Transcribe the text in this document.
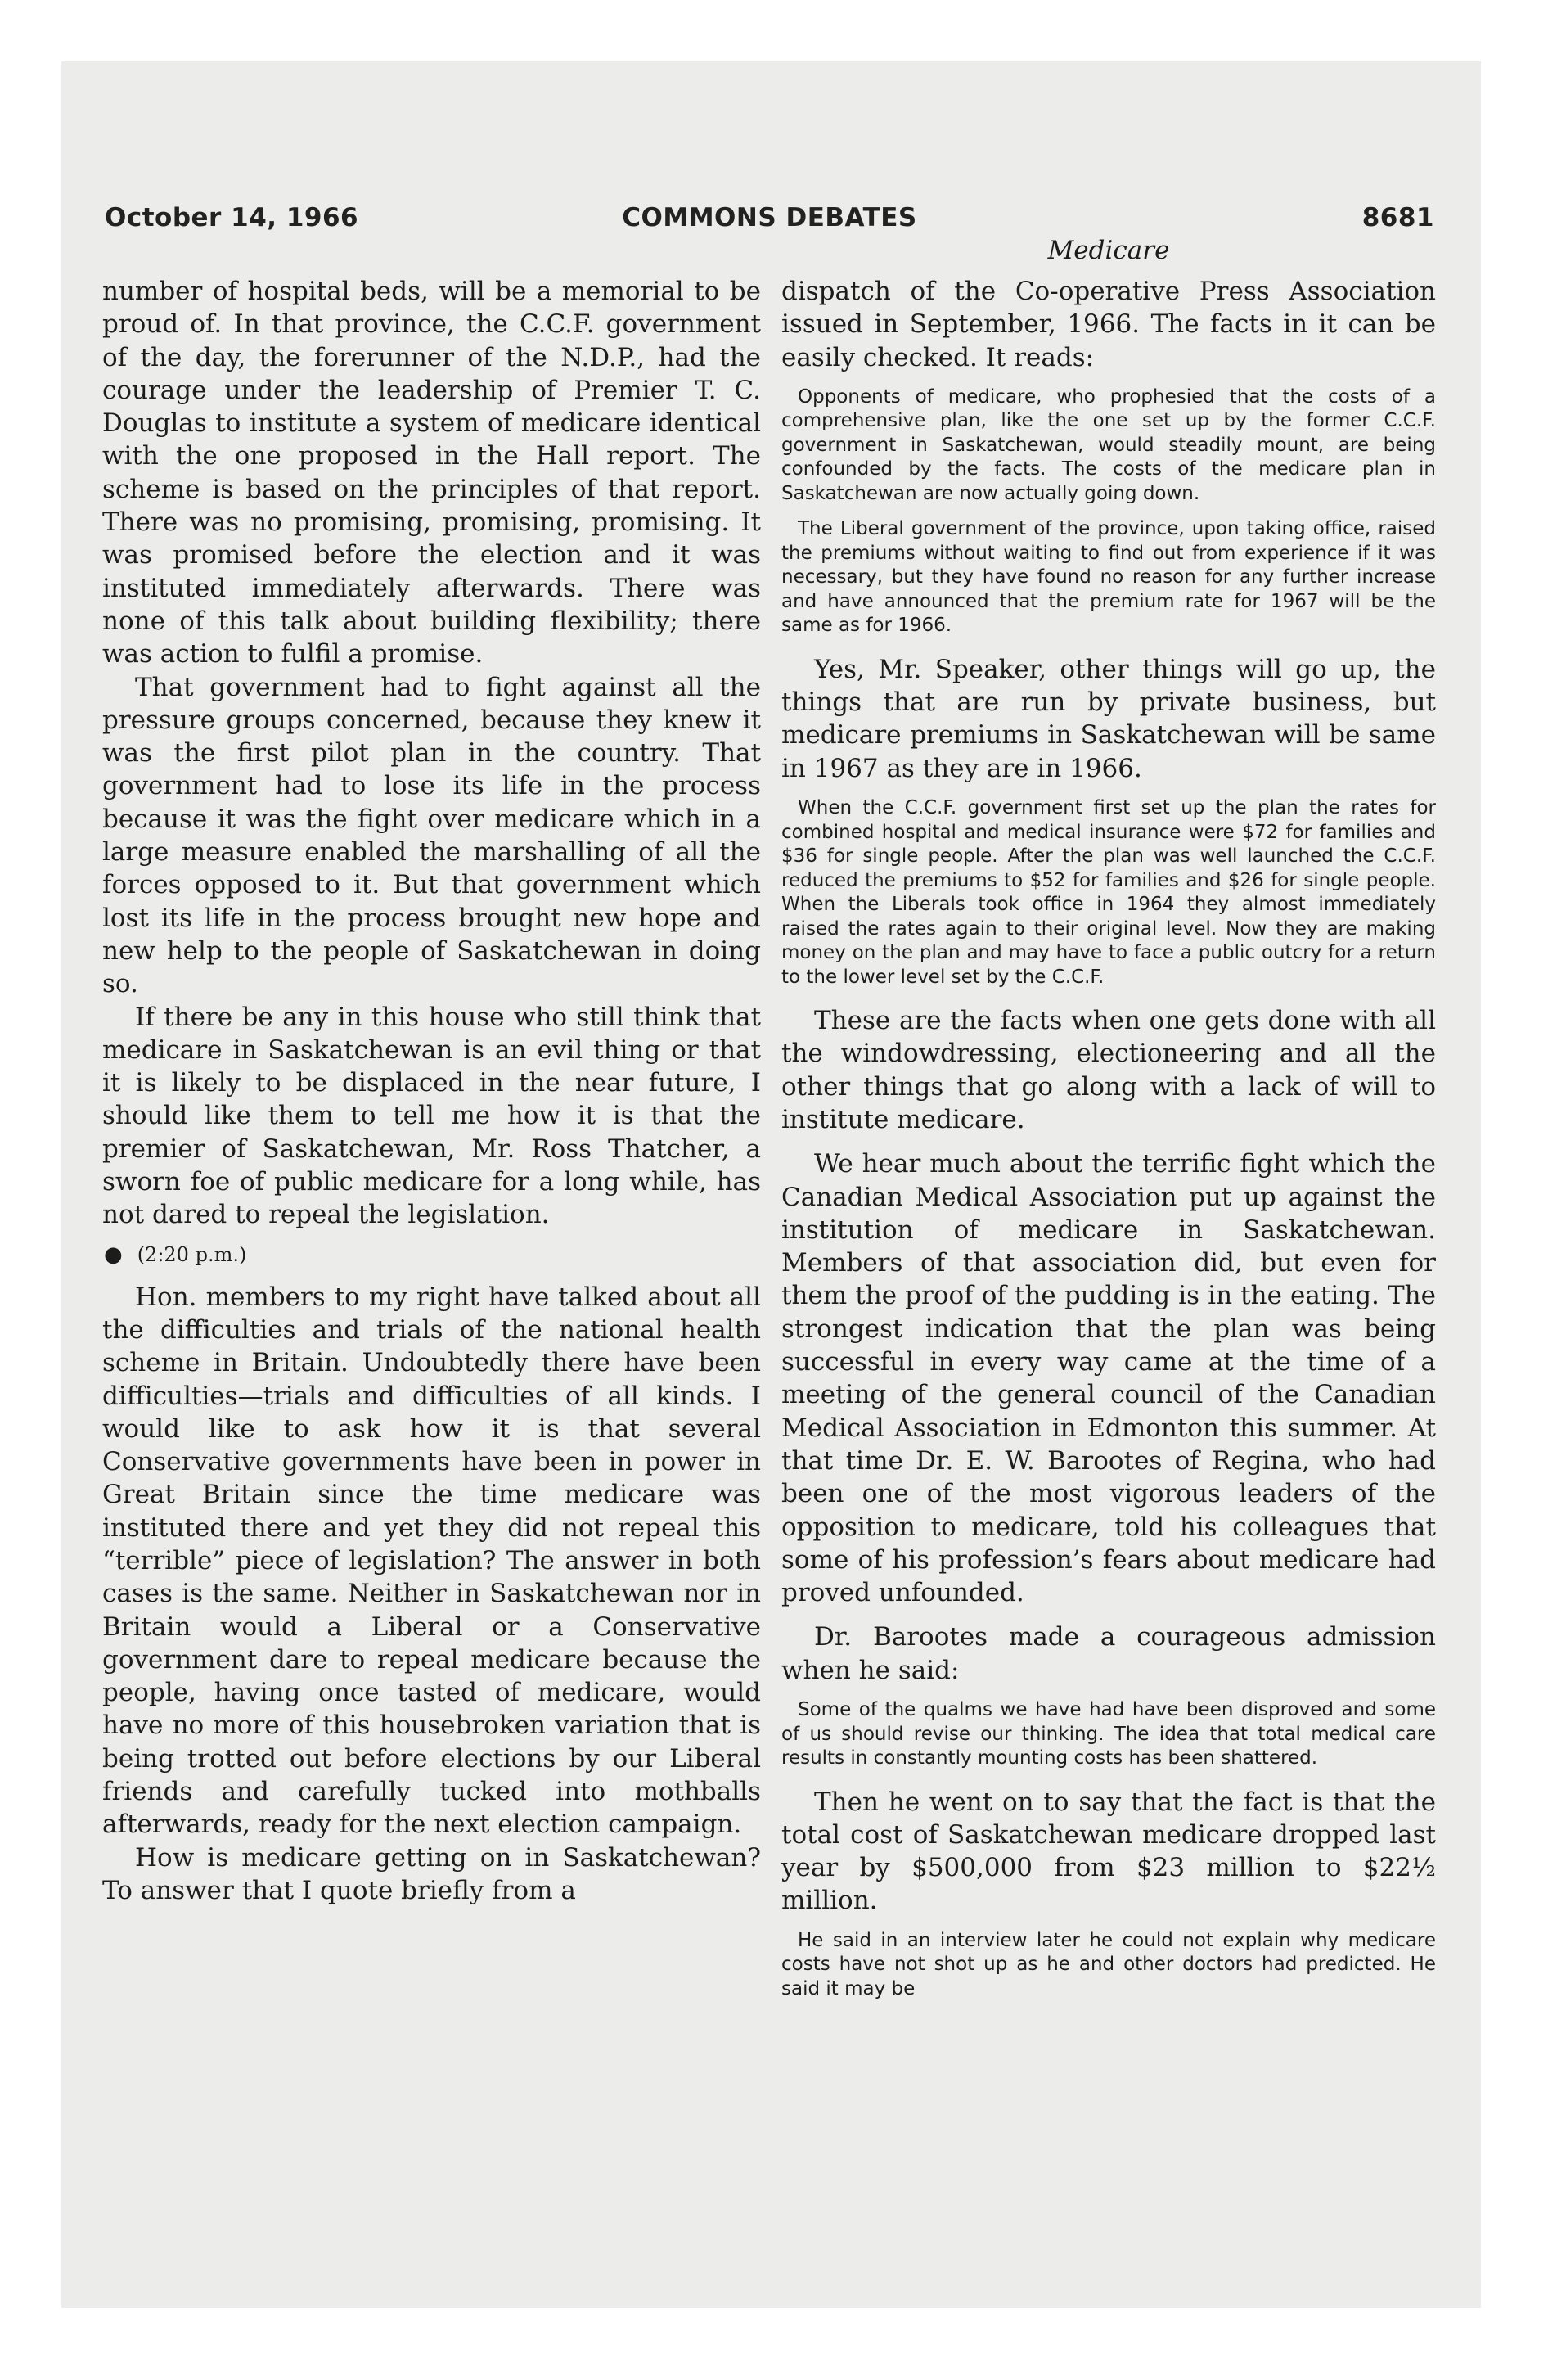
October 14, 1966	COMMONS DEBATES	8681
Medicare

number of hospital beds, will be a memorial to be proud of. In that province, the C.C.F. government of the day, the forerunner of the N.D.P., had the courage under the leadership of Premier T. C. Douglas to institute a system of medicare identical with the one proposed in the Hall report. The scheme is based on the principles of that report. There was no promising, promising, promising. It was promised before the election and it was instituted immediately afterwards. There was none of this talk about building flexibility; there was action to fulfil a promise.

That government had to fight against all the pressure groups concerned, because they knew it was the first pilot plan in the country. That government had to lose its life in the process because it was the fight over medicare which in a large measure enabled the marshalling of all the forces opposed to it. But that government which lost its life in the process brought new hope and new help to the people of Saskatchewan in doing so.

If there be any in this house who still think that medicare in Saskatchewan is an evil thing or that it is likely to be displaced in the near future, I should like them to tell me how it is that the premier of Saskatchewan, Mr. Ross Thatcher, a sworn foe of public medicare for a long while, has not dared to repeal the legislation.

● (2:20 p.m.)

Hon. members to my right have talked about all the difficulties and trials of the national health scheme in Britain. Undoubtedly there have been difficulties—trials and difficulties of all kinds. I would like to ask how it is that several Conservative governments have been in power in Great Britain since the time medicare was instituted there and yet they did not repeal this “terrible” piece of legislation? The answer in both cases is the same. Neither in Saskatchewan nor in Britain would a Liberal or a Conservative government dare to repeal medicare because the people, having once tasted of medicare, would have no more of this housebroken variation that is being trotted out before elections by our Liberal friends and carefully tucked into mothballs afterwards, ready for the next election campaign.

How is medicare getting on in Saskatchewan? To answer that I quote briefly from a

dispatch of the Co-operative Press Association issued in September, 1966. The facts in it can be easily checked. It reads:

Opponents of medicare, who prophesied that the costs of a comprehensive plan, like the one set up by the former C.C.F. government in Saskatchewan, would steadily mount, are being confounded by the facts. The costs of the medicare plan in Saskatchewan are now actually going down.

The Liberal government of the province, upon taking office, raised the premiums without waiting to find out from experience if it was necessary, but they have found no reason for any further increase and have announced that the premium rate for 1967 will be the same as for 1966.

Yes, Mr. Speaker, other things will go up, the things that are run by private business, but medicare premiums in Saskatchewan will be same in 1967 as they are in 1966.

When the C.C.F. government first set up the plan the rates for combined hospital and medical insurance were $72 for families and $36 for single people. After the plan was well launched the C.C.F. reduced the premiums to $52 for families and $26 for single people. When the Liberals took office in 1964 they almost immediately raised the rates again to their original level. Now they are making money on the plan and may have to face a public outcry for a return to the lower level set by the C.C.F.

These are the facts when one gets done with all the windowdressing, electioneering and all the other things that go along with a lack of will to institute medicare.

We hear much about the terrific fight which the Canadian Medical Association put up against the institution of medicare in Saskatchewan. Members of that association did, but even for them the proof of the pudding is in the eating. The strongest indication that the plan was being successful in every way came at the time of a meeting of the general council of the Canadian Medical Association in Edmonton this summer. At that time Dr. E. W. Barootes of Regina, who had been one of the most vigorous leaders of the opposition to medicare, told his colleagues that some of his profession’s fears about medicare had proved unfounded.

Dr. Barootes made a courageous admission when he said:

Some of the qualms we have had have been disproved and some of us should revise our thinking. The idea that total medical care results in constantly mounting costs has been shattered.

Then he went on to say that the fact is that the total cost of Saskatchewan medicare dropped last year by $500,000 from $23 million to $22½ million.

He said in an interview later he could not explain why medicare costs have not shot up as he and other doctors had predicted. He said it may be
